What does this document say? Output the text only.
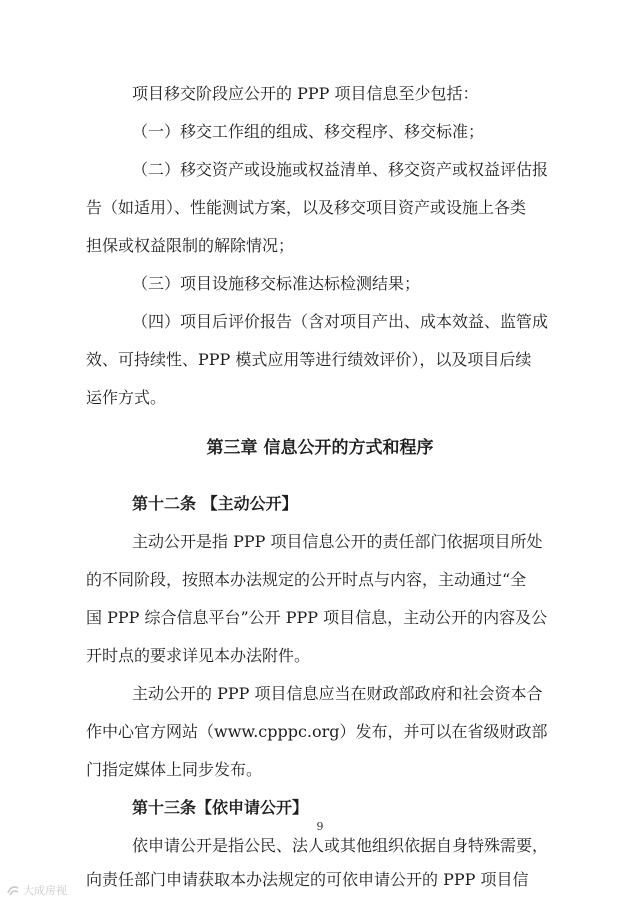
项目移交阶段应公开的 PPP 项目信息至少包括：
（一）移交工作组的组成、移交程序、移交标准；
（二）移交资产或设施或权益清单、移交资产或权益评估报
告（如适用）、性能测试方案，以及移交项目资产或设施上各类
担保或权益限制的解除情况；
（三）项目设施移交标准达标检测结果；
（四）项目后评价报告（含对项目产出、成本效益、监管成
效、可持续性、PPP 模式应用等进行绩效评价），以及项目后续
运作方式。
第三章 信息公开的方式和程序
第十二条 【主动公开】
主动公开是指 PPP 项目信息公开的责任部门依据项目所处
的不同阶段，按照本办法规定的公开时点与内容，主动通过“全
国 PPP 综合信息平台”公开 PPP 项目信息，主动公开的内容及公
开时点的要求详见本办法附件。
主动公开的 PPP 项目信息应当在财政部政府和社会资本合
作中心官方网站（www.cpppc.org）发布，并可以在省级财政部
门指定媒体上同步发布。
第十三条【依申请公开】
依申请公开是指公民、法人或其他组织依据自身特殊需要，
向责任部门申请获取本办法规定的可依申请公开的 PPP 项目信
9
大成房视
